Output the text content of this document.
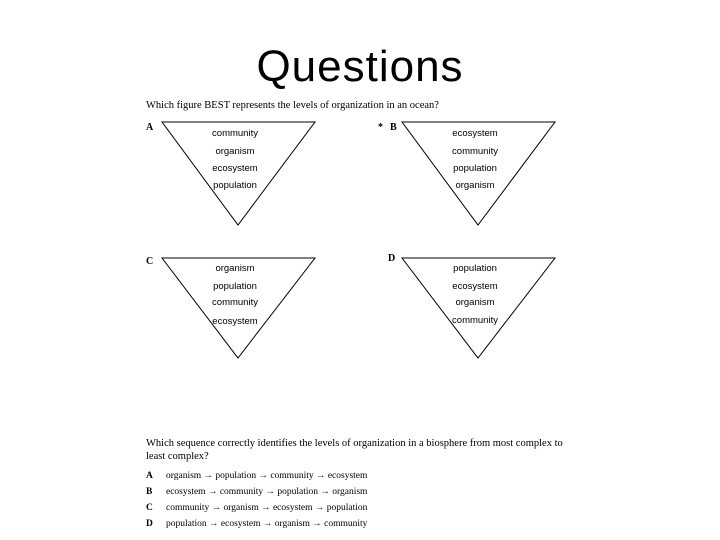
Questions
Which figure BEST represents the levels of organization in an ocean?
A
community
organism
ecosystem
population
* B
ecosystem
community
population
organism
C
organism
population
community
ecosystem
D
population
ecosystem
organism
community
Which sequence correctly identifies the levels of organization in a biosphere from most complex to least complex?
A organism → population → community → ecosystem
B ecosystem → community → population → organism
C community → organism → ecosystem → population
D population → ecosystem → organism → community
